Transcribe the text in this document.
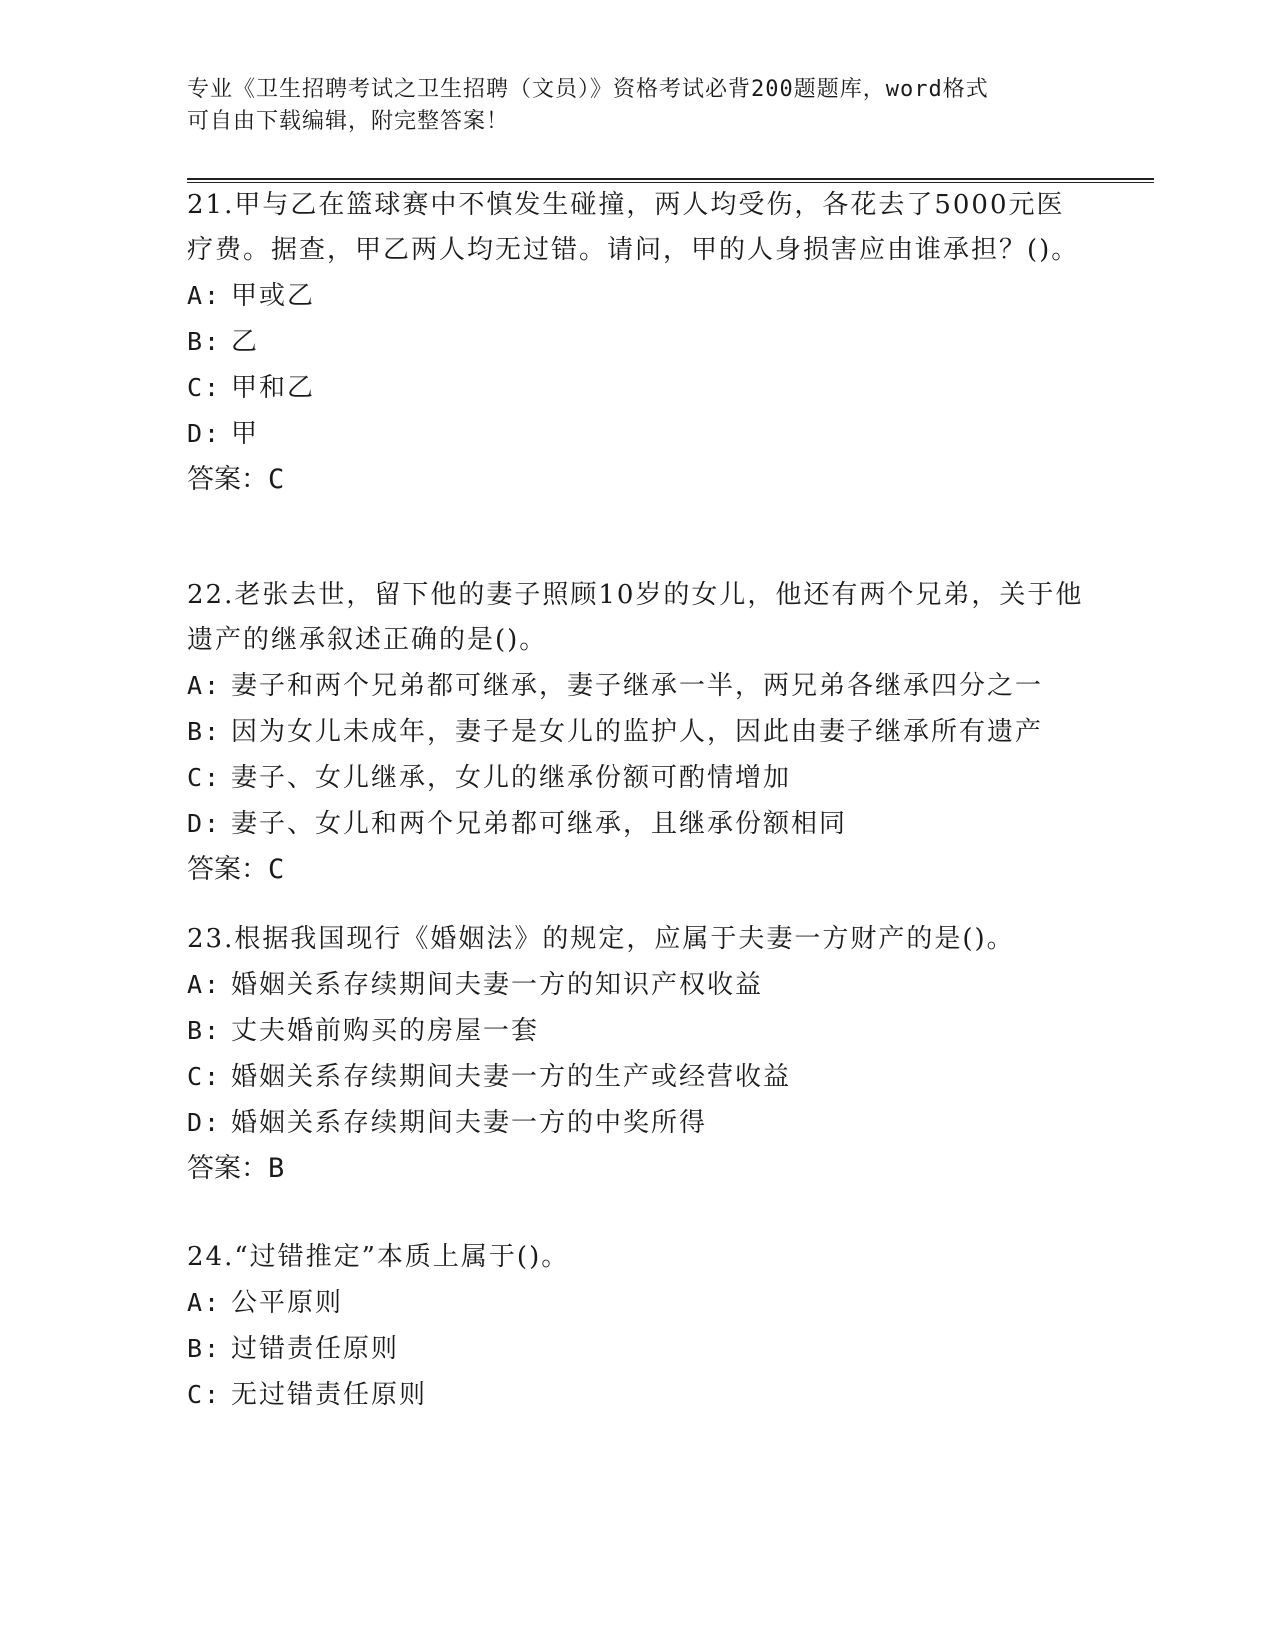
专业《卫生招聘考试之卫生招聘（文员）》资格考试必背200题题库，word格式
可自由下载编辑，附完整答案！
21.甲与乙在篮球赛中不慎发生碰撞，两人均受伤，各花去了5000元医疗费。据查，甲乙两人均无过错。请问，甲的人身损害应由谁承担？()。
A: 甲或乙
B: 乙
C: 甲和乙
D: 甲
答案：C
22.老张去世，留下他的妻子照顾10岁的女儿，他还有两个兄弟，关于他遗产的继承叙述正确的是()。
A: 妻子和两个兄弟都可继承，妻子继承一半，两兄弟各继承四分之一
B: 因为女儿未成年，妻子是女儿的监护人，因此由妻子继承所有遗产
C: 妻子、女儿继承，女儿的继承份额可酌情增加
D: 妻子、女儿和两个兄弟都可继承，且继承份额相同
答案：C
23.根据我国现行《婚姻法》的规定，应属于夫妻一方财产的是()。
A: 婚姻关系存续期间夫妻一方的知识产权收益
B: 丈夫婚前购买的房屋一套
C: 婚姻关系存续期间夫妻一方的生产或经营收益
D: 婚姻关系存续期间夫妻一方的中奖所得
答案：B
24.“过错推定”本质上属于()。
A: 公平原则
B: 过错责任原则
C: 无过错责任原则
